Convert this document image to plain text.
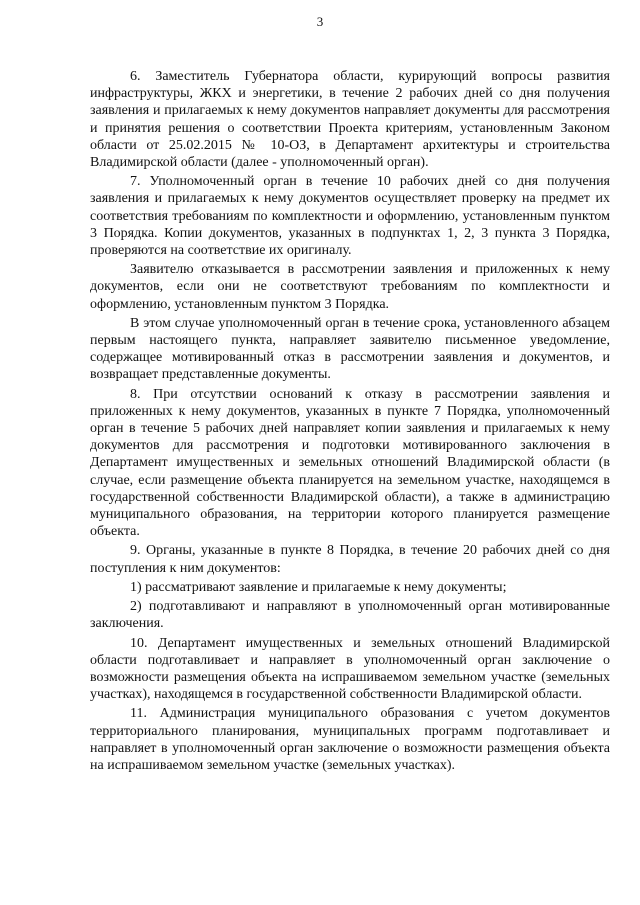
3

6. Заместитель Губернатора области, курирующий вопросы развития инфраструктуры, ЖКХ и энергетики, в течение 2 рабочих дней со дня получения заявления и прилагаемых к нему документов направляет документы для рассмотрения и принятия решения о соответствии Проекта критериям, установленным Законом области от 25.02.2015 № 10-ОЗ, в Департамент архитектуры и строительства Владимирской области (далее - уполномоченный орган).

7. Уполномоченный орган в течение 10 рабочих дней со дня получения заявления и прилагаемых к нему документов осуществляет проверку на предмет их соответствия требованиям по комплектности и оформлению, установленным пунктом 3 Порядка. Копии документов, указанных в подпунктах 1, 2, 3 пункта 3 Порядка, проверяются на соответствие их оригиналу.

Заявителю отказывается в рассмотрении заявления и приложенных к нему документов, если они не соответствуют требованиям по комплектности и оформлению, установленным пунктом 3 Порядка.

В этом случае уполномоченный орган в течение срока, установленного абзацем первым настоящего пункта, направляет заявителю письменное уведомление, содержащее мотивированный отказ в рассмотрении заявления и документов, и возвращает представленные документы.

8. При отсутствии оснований к отказу в рассмотрении заявления и приложенных к нему документов, указанных в пункте 7 Порядка, уполномоченный орган в течение 5 рабочих дней направляет копии заявления и прилагаемых к нему документов для рассмотрения и подготовки мотивированного заключения в Департамент имущественных и земельных отношений Владимирской области (в случае, если размещение объекта планируется на земельном участке, находящемся в государственной собственности Владимирской области), а также в администрацию муниципального образования, на территории которого планируется размещение объекта.

9. Органы, указанные в пункте 8 Порядка, в течение 20 рабочих дней со дня поступления к ним документов:

1) рассматривают заявление и прилагаемые к нему документы;

2) подготавливают и направляют в уполномоченный орган мотивированные заключения.

10. Департамент имущественных и земельных отношений Владимирской области подготавливает и направляет в уполномоченный орган заключение о возможности размещения объекта на испрашиваемом земельном участке (земельных участках), находящемся в государственной собственности Владимирской области.

11. Администрация муниципального образования с учетом документов территориального планирования, муниципальных программ подготавливает и направляет в уполномоченный орган заключение о возможности размещения объекта на испрашиваемом земельном участке (земельных участках).
